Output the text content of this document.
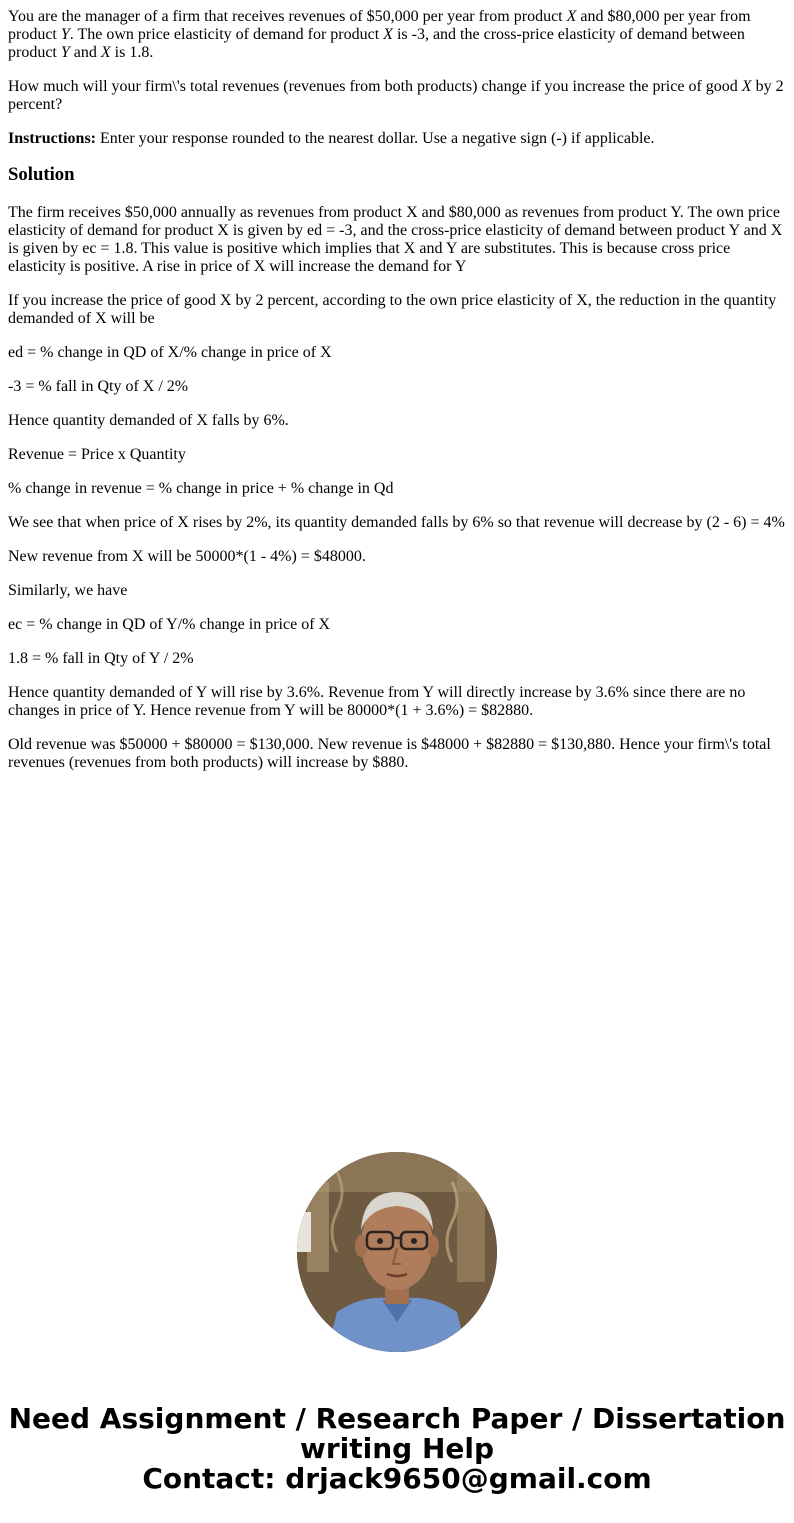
You are the manager of a firm that receives revenues of $50,000 per year from product X and $80,000 per year from product Y. The own price elasticity of demand for product X is -3, and the cross-price elasticity of demand between product Y and X is 1.8.

How much will your firm\'s total revenues (revenues from both products) change if you increase the price of good X by 2 percent?

Instructions: Enter your response rounded to the nearest dollar. Use a negative sign (-) if applicable.

Solution

The firm receives $50,000 annually as revenues from product X and $80,000 as revenues from product Y. The own price elasticity of demand for product X is given by ed = -3, and the cross-price elasticity of demand between product Y and X is given by ec = 1.8. This value is positive which implies that X and Y are substitutes. This is because cross price elasticity is positive. A rise in price of X will increase the demand for Y

If you increase the price of good X by 2 percent, according to the own price elasticity of X, the reduction in the quantity demanded of X will be

ed = % change in QD of X/% change in price of X

-3 = % fall in Qty of X / 2%

Hence quantity demanded of X falls by 6%.

Revenue = Price x Quantity

% change in revenue = % change in price + % change in Qd

We see that when price of X rises by 2%, its quantity demanded falls by 6% so that revenue will decrease by (2 - 6) = 4%

New revenue from X will be 50000*(1 - 4%) = $48000.

Similarly, we have

ec = % change in QD of Y/% change in price of X

1.8 = % fall in Qty of Y / 2%

Hence quantity demanded of Y will rise by 3.6%. Revenue from Y will directly increase by 3.6% since there are no changes in price of Y. Hence revenue from Y will be 80000*(1 + 3.6%) = $82880.

Old revenue was $50000 + $80000 = $130,000. New revenue is $48000 + $82880 = $130,880. Hence your firm\'s total revenues (revenues from both products) will increase by $880.

Need Assignment / Research Paper / Dissertation
writing Help
Contact: drjack9650@gmail.com
